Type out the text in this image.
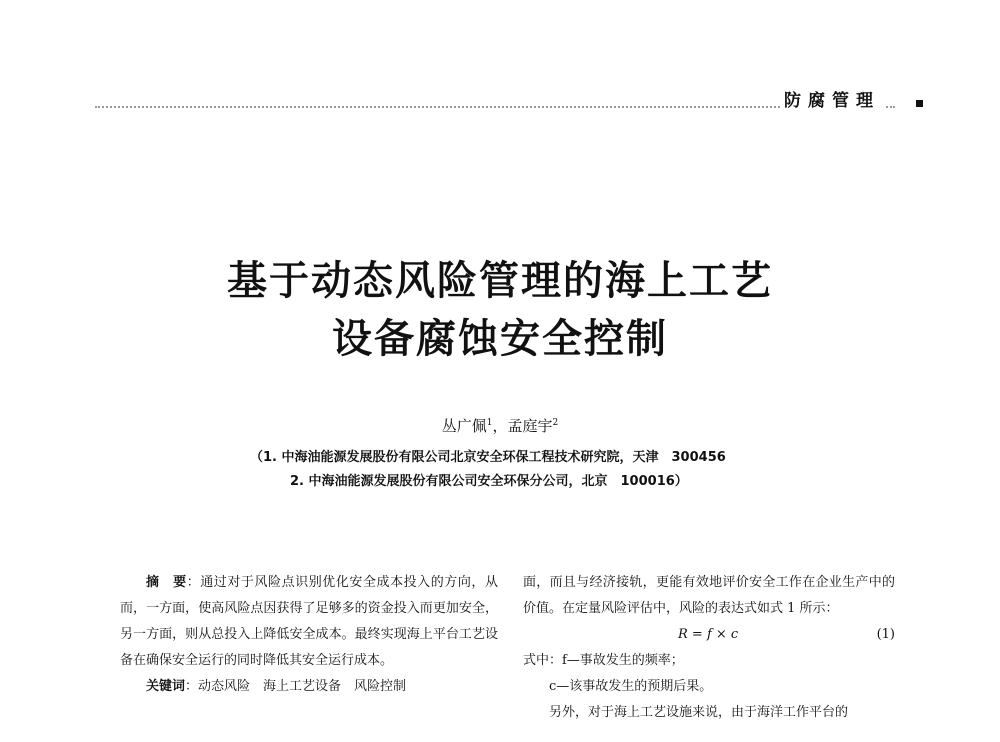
防腐管理
基于动态风险管理的海上工艺
设备腐蚀安全控制
丛广佩$^1$，孟庭宇$^2$
（1. 中海油能源发展股份有限公司北京安全环保工程技术研究院，天津　300456
2. 中海油能源发展股份有限公司安全环保分公司，北京　100016）

摘　要：通过对于风险点识别优化安全成本投入的方向，从而，一方面，使高风险点因获得了足够多的资金投入而更加安全，另一方面，则从总投入上降低安全成本。最终实现海上平台工艺设备在确保安全运行的同时降低其安全运行成本。

关键词：动态风险　海上工艺设备　风险控制

面，而且与经济接轨，更能有效地评价安全工作在企业生产中的价值。在定量风险评估中，风险的表达式如式 1 所示：

R = f × c	(1)

式中：f—事故发生的频率；

c—该事故发生的预期后果。

另外，对于海上工艺设施来说，由于海洋工作平台的
